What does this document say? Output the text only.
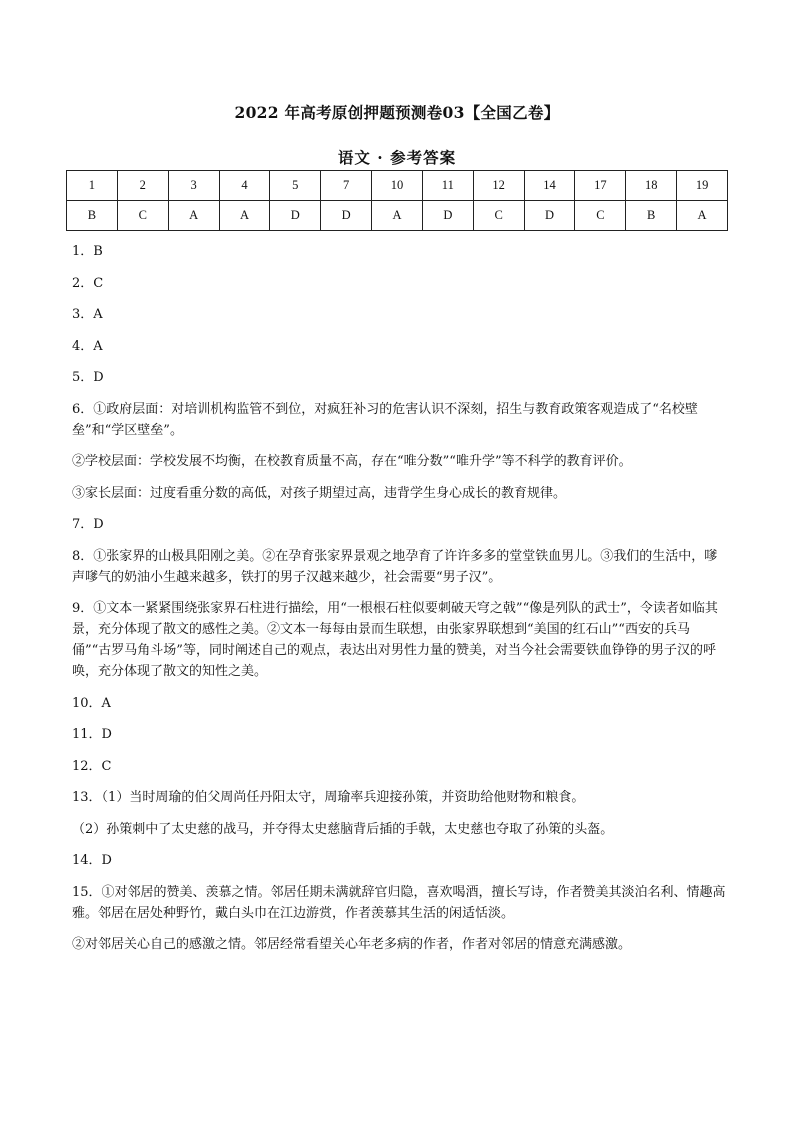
2022 年高考原创押题预测卷03【全国乙卷】
语文 · 参考答案
1	2	3	4	5	7	10	11	12	14	17	18	19
B	C	A	A	D	D	A	D	C	D	C	B	A

1．B

2．C

3．A

4．A

5．D

6．①政府层面：对培训机构监管不到位，对疯狂补习的危害认识不深刻，招生与教育政策客观造成了“名校壁垒”和“学区壁垒”。

②学校层面：学校发展不均衡，在校教育质量不高，存在“唯分数”“唯升学”等不科学的教育评价。

③家长层面：过度看重分数的高低，对孩子期望过高，违背学生身心成长的教育规律。

7．D

8．①张家界的山极具阳刚之美。②在孕育张家界景观之地孕育了许许多多的堂堂铁血男儿。③我们的生活中，嗲声嗲气的奶油小生越来越多，铁打的男子汉越来越少，社会需要“男子汉”。

9．①文本一紧紧围绕张家界石柱进行描绘，用“一根根石柱似要刺破天穹之戟”“像是列队的武士”，令读者如临其景，充分体现了散文的感性之美。②文本一每每由景而生联想，由张家界联想到“美国的红石山”“西安的兵马俑”“古罗马角斗场”等，同时阐述自己的观点，表达出对男性力量的赞美，对当今社会需要铁血铮铮的男子汉的呼唤，充分体现了散文的知性之美。

10．A

11．D

12．C

13．（1）当时周瑜的伯父周尚任丹阳太守，周瑜率兵迎接孙策，并资助给他财物和粮食。

（2）孙策刺中了太史慈的战马，并夺得太史慈脑背后插的手戟，太史慈也夺取了孙策的头盔。

14．D

15．①对邻居的赞美、羡慕之情。邻居任期未满就辞官归隐，喜欢喝酒，擅长写诗，作者赞美其淡泊名利、情趣高雅。邻居在居处种野竹，戴白头巾在江边游赏，作者羡慕其生活的闲适恬淡。

②对邻居关心自己的感激之情。邻居经常看望关心年老多病的作者，作者对邻居的情意充满感激。
